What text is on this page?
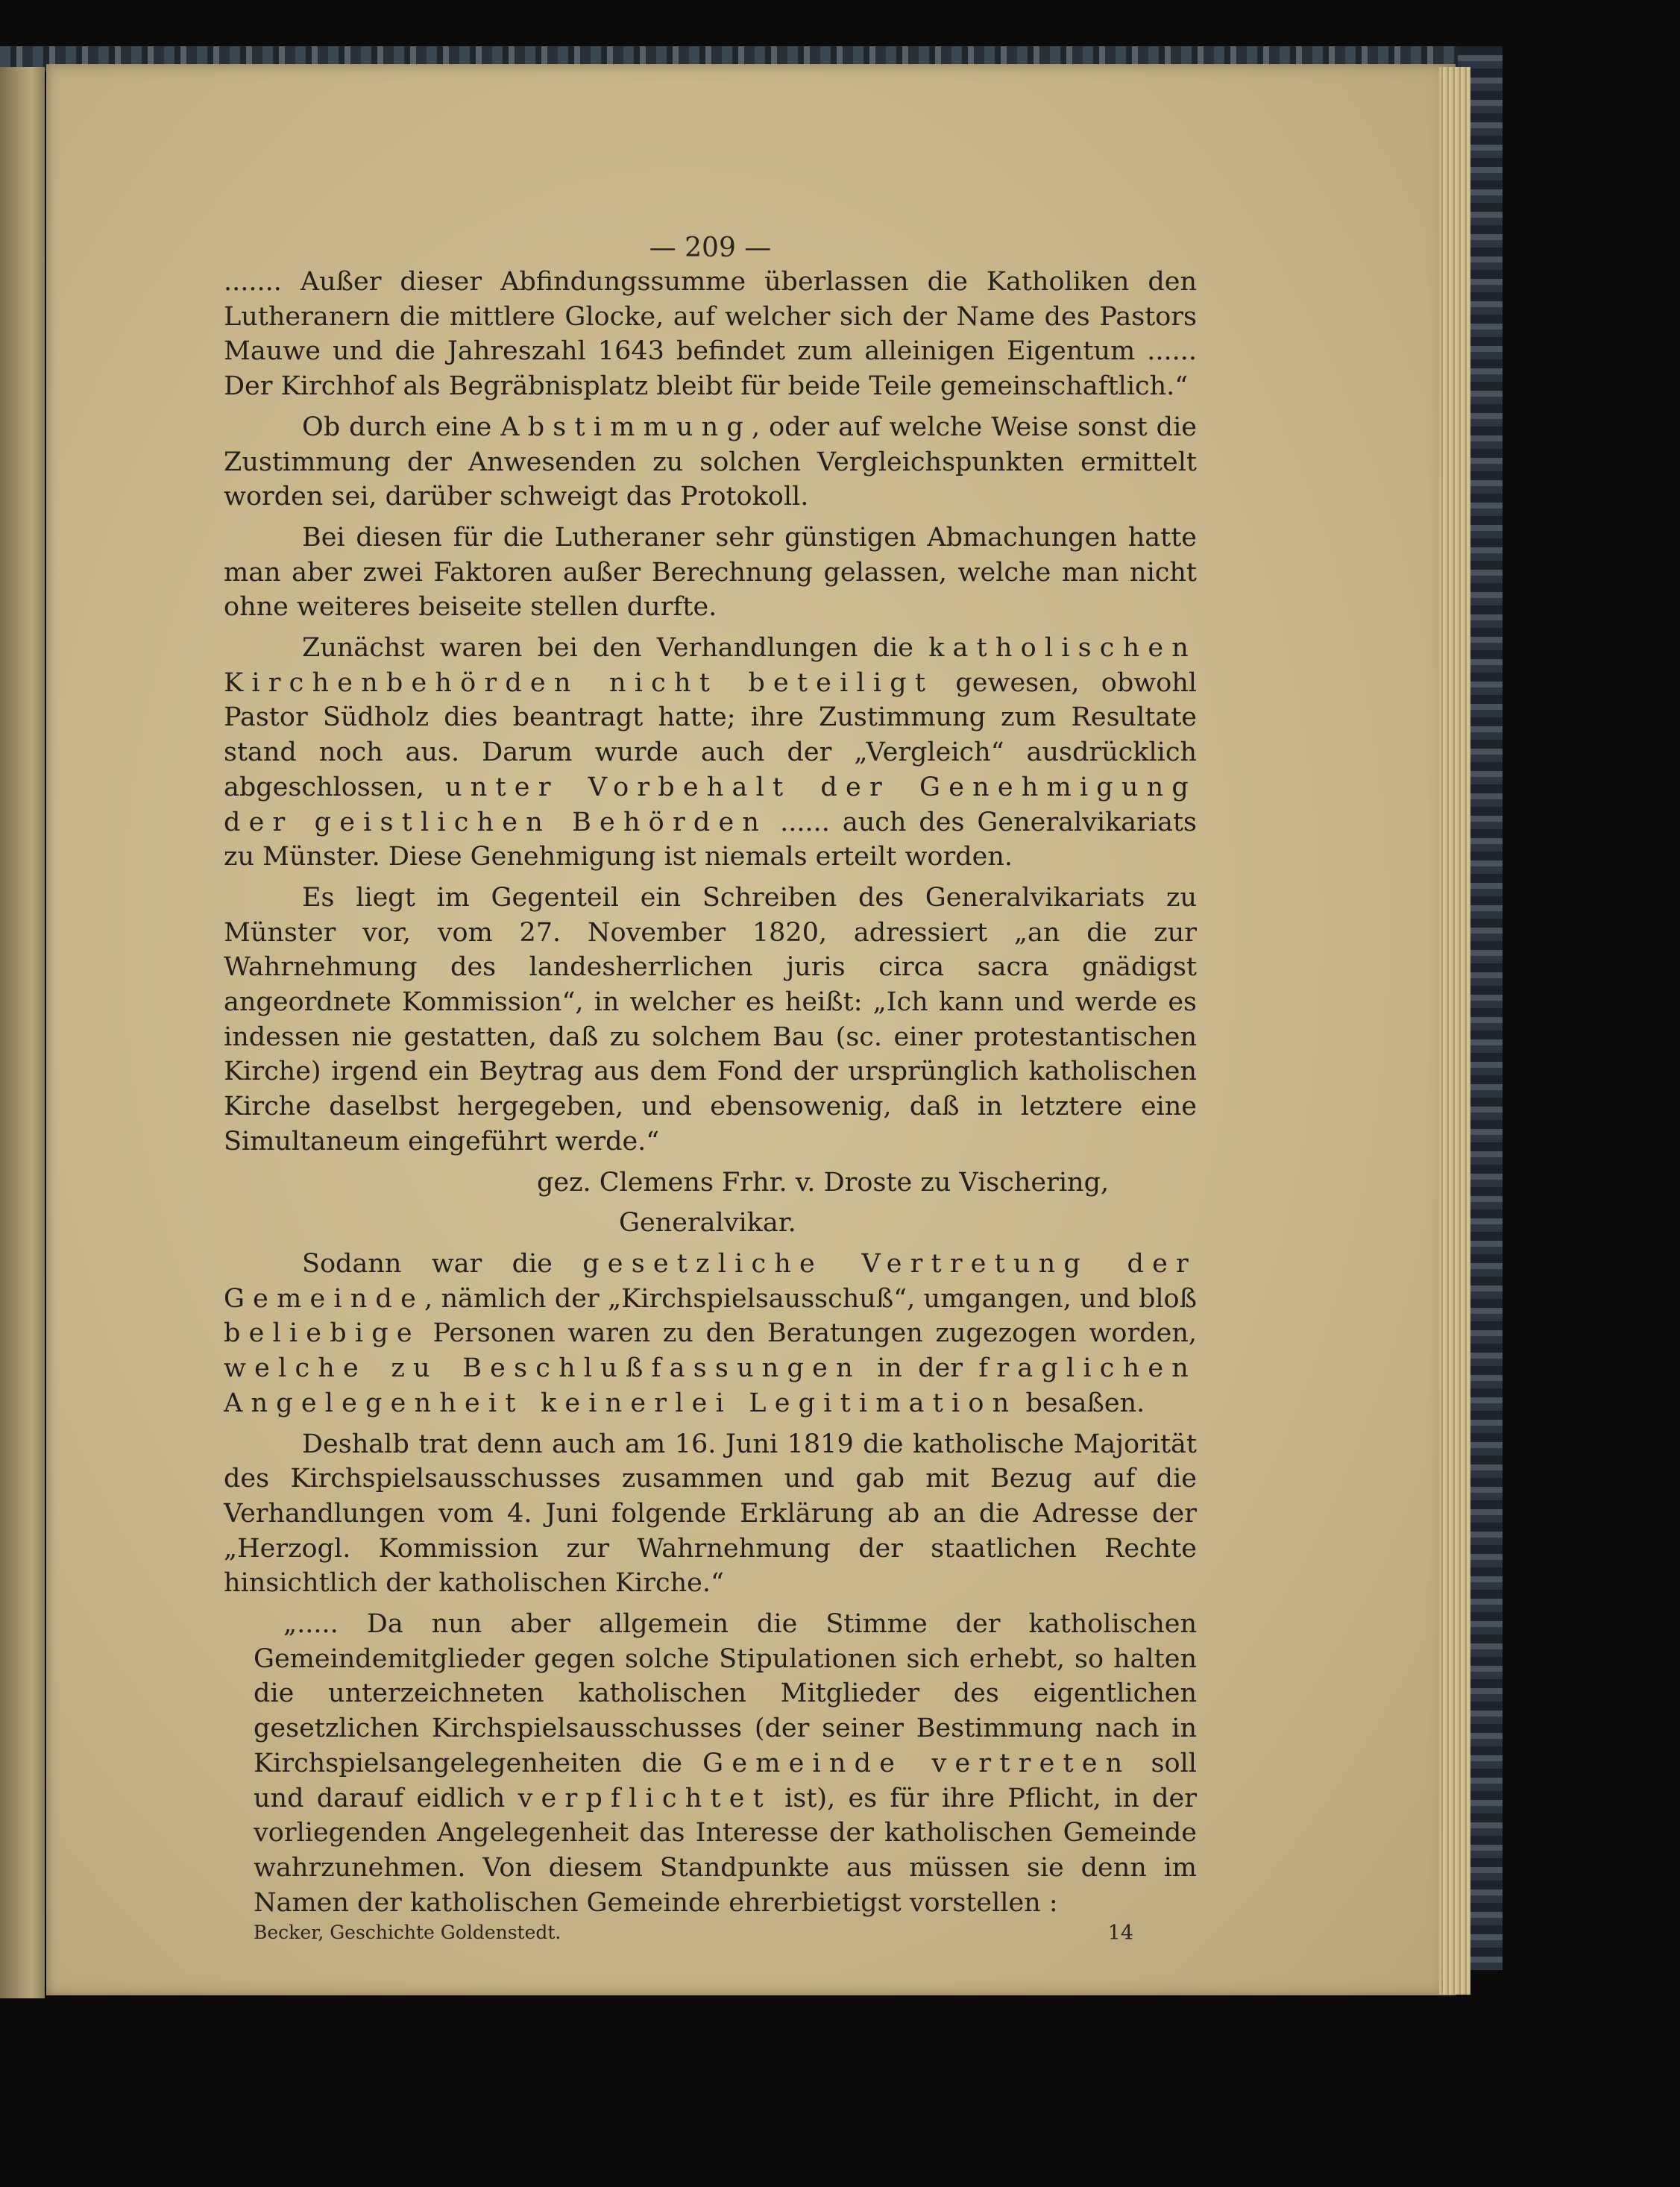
— 209 —

....... Außer dieser Abfindungssumme überlassen die Katholiken den Lutheranern die mittlere Glocke, auf welcher sich der Name des Pastors Mauwe und die Jahreszahl 1643 befindet zum alleinigen Eigentum ...... Der Kirchhof als Begräbnisplatz bleibt für beide Teile gemeinschaftlich.“

Ob durch eine Abstimmung, oder auf welche Weise sonst die Zustimmung der Anwesenden zu solchen Vergleichspunkten ermittelt worden sei, darüber schweigt das Protokoll.

Bei diesen für die Lutheraner sehr günstigen Abmachungen hatte man aber zwei Faktoren außer Berechnung gelassen, welche man nicht ohne weiteres beiseite stellen durfte.

Zunächst waren bei den Verhandlungen die katholischen Kirchenbehörden nicht beteiligt gewesen, obwohl Pastor Südholz dies beantragt hatte; ihre Zustimmung zum Resultate stand noch aus. Darum wurde auch der „Vergleich“ ausdrücklich abgeschlossen, unter Vorbehalt der Genehmigung der geistlichen Behörden ...... auch des Generalvikariats zu Münster. Diese Genehmigung ist niemals erteilt worden.

Es liegt im Gegenteil ein Schreiben des Generalvikariats zu Münster vor, vom 27. November 1820, adressiert „an die zur Wahrnehmung des landesherrlichen juris circa sacra gnädigst angeordnete Kommission“, in welcher es heißt: „Ich kann und werde es indessen nie gestatten, daß zu solchem Bau (sc. einer protestantischen Kirche) irgend ein Beytrag aus dem Fond der ursprünglich katholischen Kirche daselbst hergegeben, und ebensowenig, daß in letztere eine Simultaneum eingeführt werde.“

gez. Clemens Frhr. v. Droste zu Vischering,

Generalvikar.

Sodann war die gesetzliche Vertretung der Gemeinde, nämlich der „Kirchspielsausschuß“, umgangen, und bloß beliebige Personen waren zu den Beratungen zugezogen worden, welche zu Beschlußfassungen in der fraglichen Angelegenheit keinerlei Legitimation besaßen.

Deshalb trat denn auch am 16. Juni 1819 die katholische Majorität des Kirchspielsausschusses zusammen und gab mit Bezug auf die Verhandlungen vom 4. Juni folgende Erklärung ab an die Adresse der „Herzogl. Kommission zur Wahrnehmung der staatlichen Rechte hinsichtlich der katholischen Kirche.“

„..... Da nun aber allgemein die Stimme der katholischen Gemeindemitglieder gegen solche Stipulationen sich erhebt, so halten die unterzeichneten katholischen Mitglieder des eigentlichen gesetzlichen Kirchspielsausschusses (der seiner Bestimmung nach in Kirchspielsangelegenheiten die Gemeinde vertreten soll und darauf eidlich verpflichtet ist), es für ihre Pflicht, in der vorliegenden Angelegenheit das Interesse der katholischen Gemeinde wahrzunehmen. Von diesem Standpunkte aus müssen sie denn im Namen der katholischen Gemeinde ehrerbietigst vorstellen :

Becker, Geschichte Goldenstedt.	14
